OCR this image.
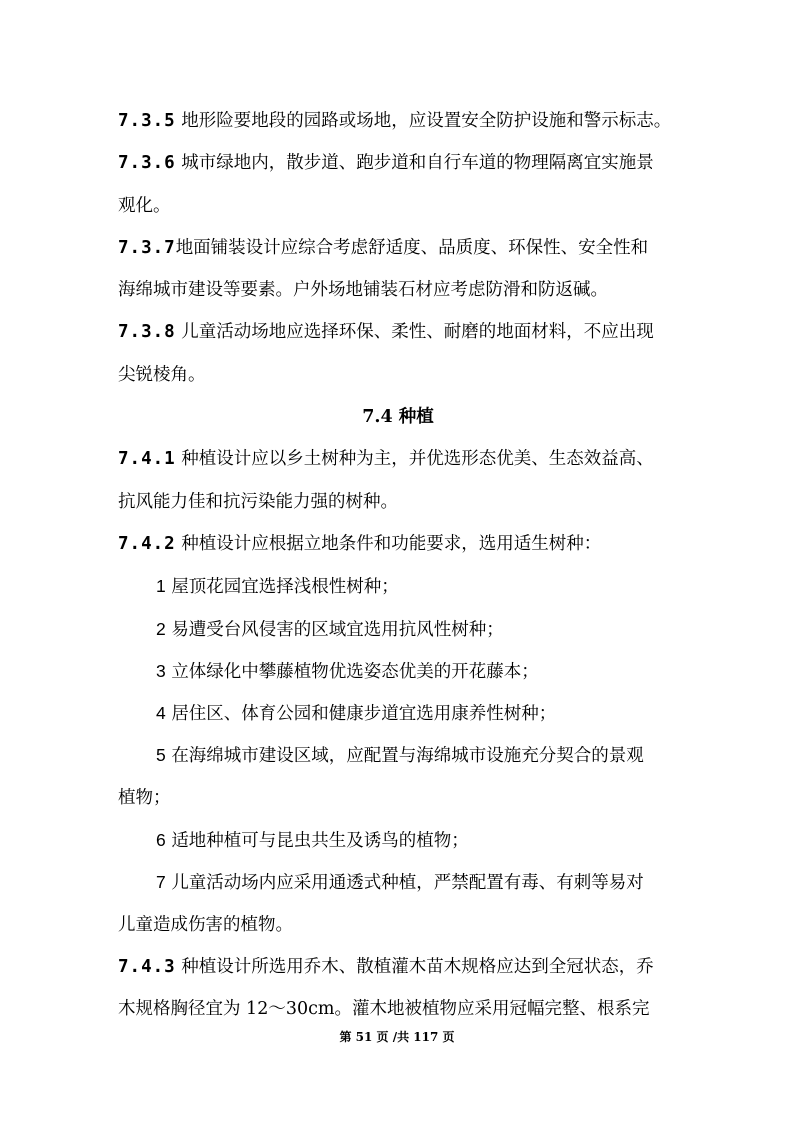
7.3.5 地形险要地段的园路或场地，应设置安全防护设施和警示标志。
7.3.6 城市绿地内，散步道、跑步道和自行车道的物理隔离宜实施景
观化。
7.3.7地面铺装设计应综合考虑舒适度、品质度、环保性、安全性和
海绵城市建设等要素。户外场地铺装石材应考虑防滑和防返碱。
7.3.8 儿童活动场地应选择环保、柔性、耐磨的地面材料，不应出现
尖锐棱角。
7.4 种植
7.4.1 种植设计应以乡土树种为主，并优选形态优美、生态效益高、
抗风能力佳和抗污染能力强的树种。
7.4.2 种植设计应根据立地条件和功能要求，选用适生树种：
1 屋顶花园宜选择浅根性树种；
2 易遭受台风侵害的区域宜选用抗风性树种；
3 立体绿化中攀藤植物优选姿态优美的开花藤本；
4 居住区、体育公园和健康步道宜选用康养性树种；
5 在海绵城市建设区域，应配置与海绵城市设施充分契合的景观
植物；
6 适地种植可与昆虫共生及诱鸟的植物；
7 儿童活动场内应采用通透式种植，严禁配置有毒、有刺等易对
儿童造成伤害的植物。
7.4.3 种植设计所选用乔木、散植灌木苗木规格应达到全冠状态，乔
木规格胸径宜为 12～30cm。灌木地被植物应采用冠幅完整、根系完
第 51 页 /共 117 页
